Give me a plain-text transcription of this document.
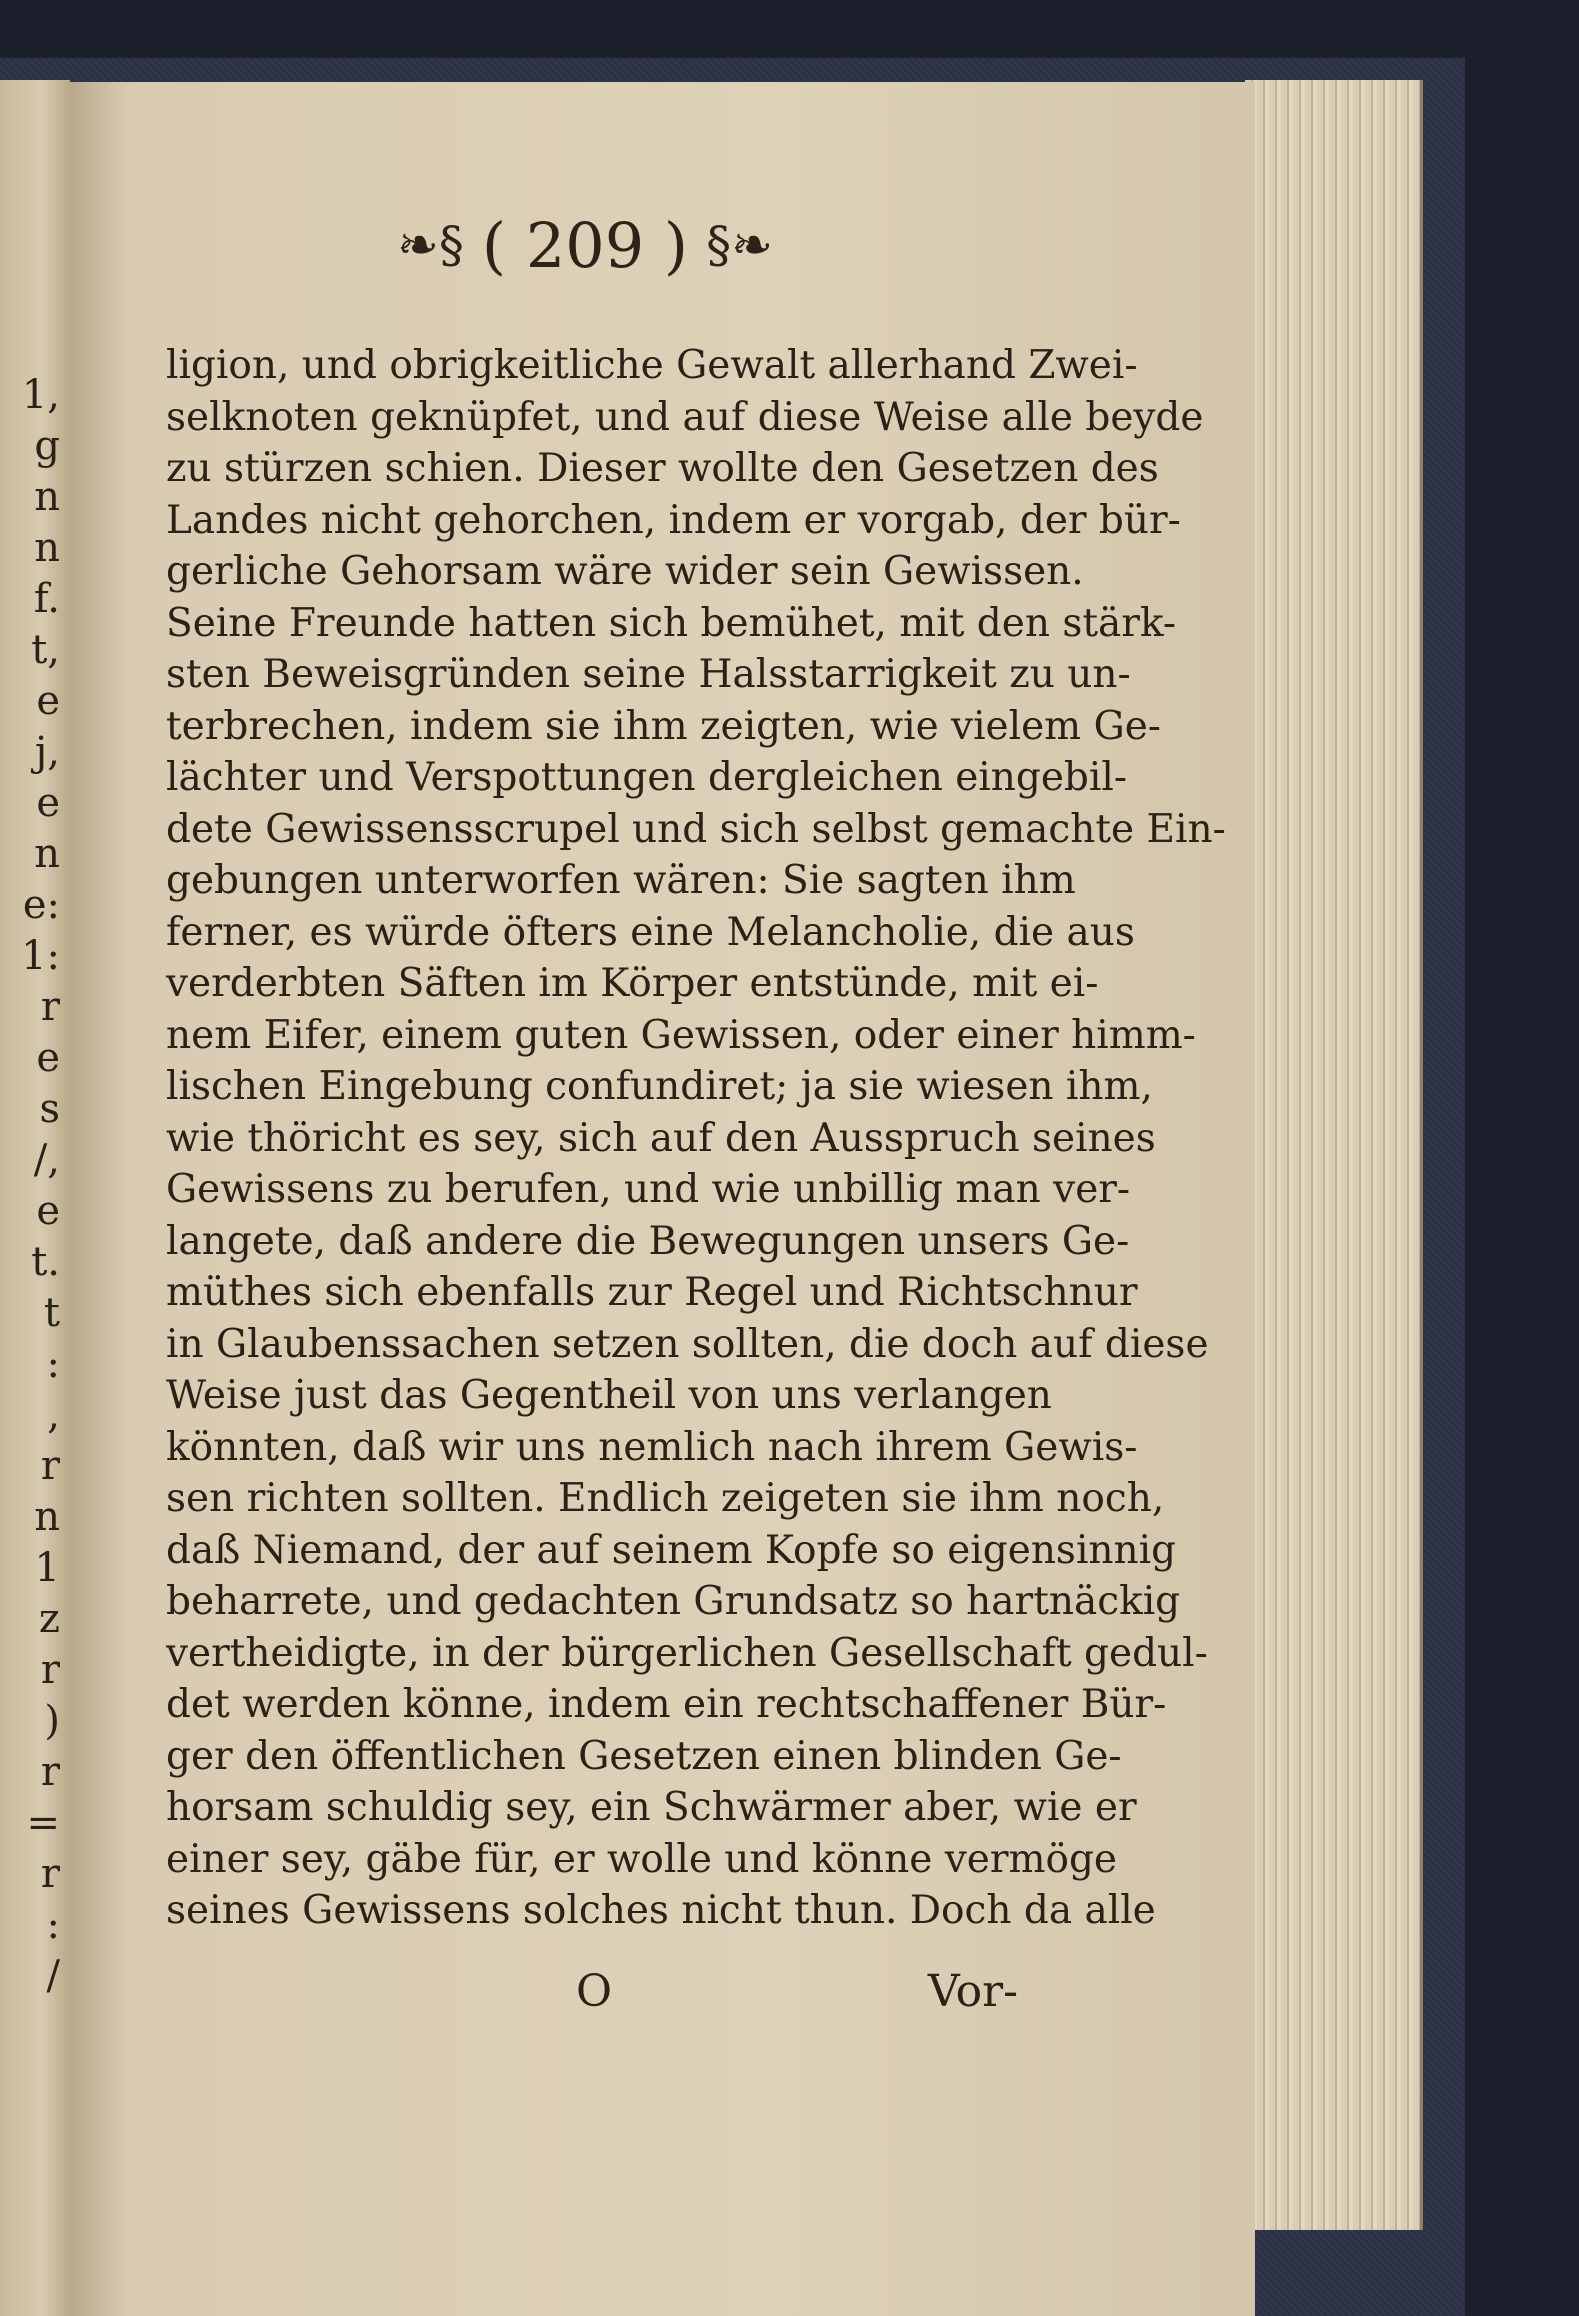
1,
g
n
n
f.
t,
e
j,
e
n
e:
1:
r
e
s
/,
e
t.
t
:
,
r
n
1
z
r
)
r
=
r
:
/
❧§ ( 209 ) §❧
ligion, und obrigkeitliche Gewalt allerhand Zwei-
selknoten geknüpfet, und auf diese Weise alle beyde
zu stürzen schien. Dieser wollte den Gesetzen des
Landes nicht gehorchen, indem er vorgab, der bür-
gerliche Gehorsam wäre wider sein Gewissen.
Seine Freunde hatten sich bemühet, mit den stärk-
sten Beweisgründen seine Halsstarrigkeit zu un-
terbrechen, indem sie ihm zeigten, wie vielem Ge-
lächter und Verspottungen dergleichen eingebil-
dete Gewissensscrupel und sich selbst gemachte Ein-
gebungen unterworfen wären: Sie sagten ihm
ferner, es würde öfters eine Melancholie, die aus
verderbten Säften im Körper entstünde, mit ei-
nem Eifer, einem guten Gewissen, oder einer himm-
lischen Eingebung confundiret; ja sie wiesen ihm,
wie thöricht es sey, sich auf den Ausspruch seines
Gewissens zu berufen, und wie unbillig man ver-
langete, daß andere die Bewegungen unsers Ge-
müthes sich ebenfalls zur Regel und Richtschnur
in Glaubenssachen setzen sollten, die doch auf diese
Weise just das Gegentheil von uns verlangen
könnten, daß wir uns nemlich nach ihrem Gewis-
sen richten sollten. Endlich zeigeten sie ihm noch,
daß Niemand, der auf seinem Kopfe so eigensinnig
beharrete, und gedachten Grundsatz so hartnäckig
vertheidigte, in der bürgerlichen Gesellschaft gedul-
det werden könne, indem ein rechtschaffener Bür-
ger den öffentlichen Gesetzen einen blinden Ge-
horsam schuldig sey, ein Schwärmer aber, wie er
einer sey, gäbe für, er wolle und könne vermöge
seines Gewissens solches nicht thun. Doch da alle
O	Vor-
